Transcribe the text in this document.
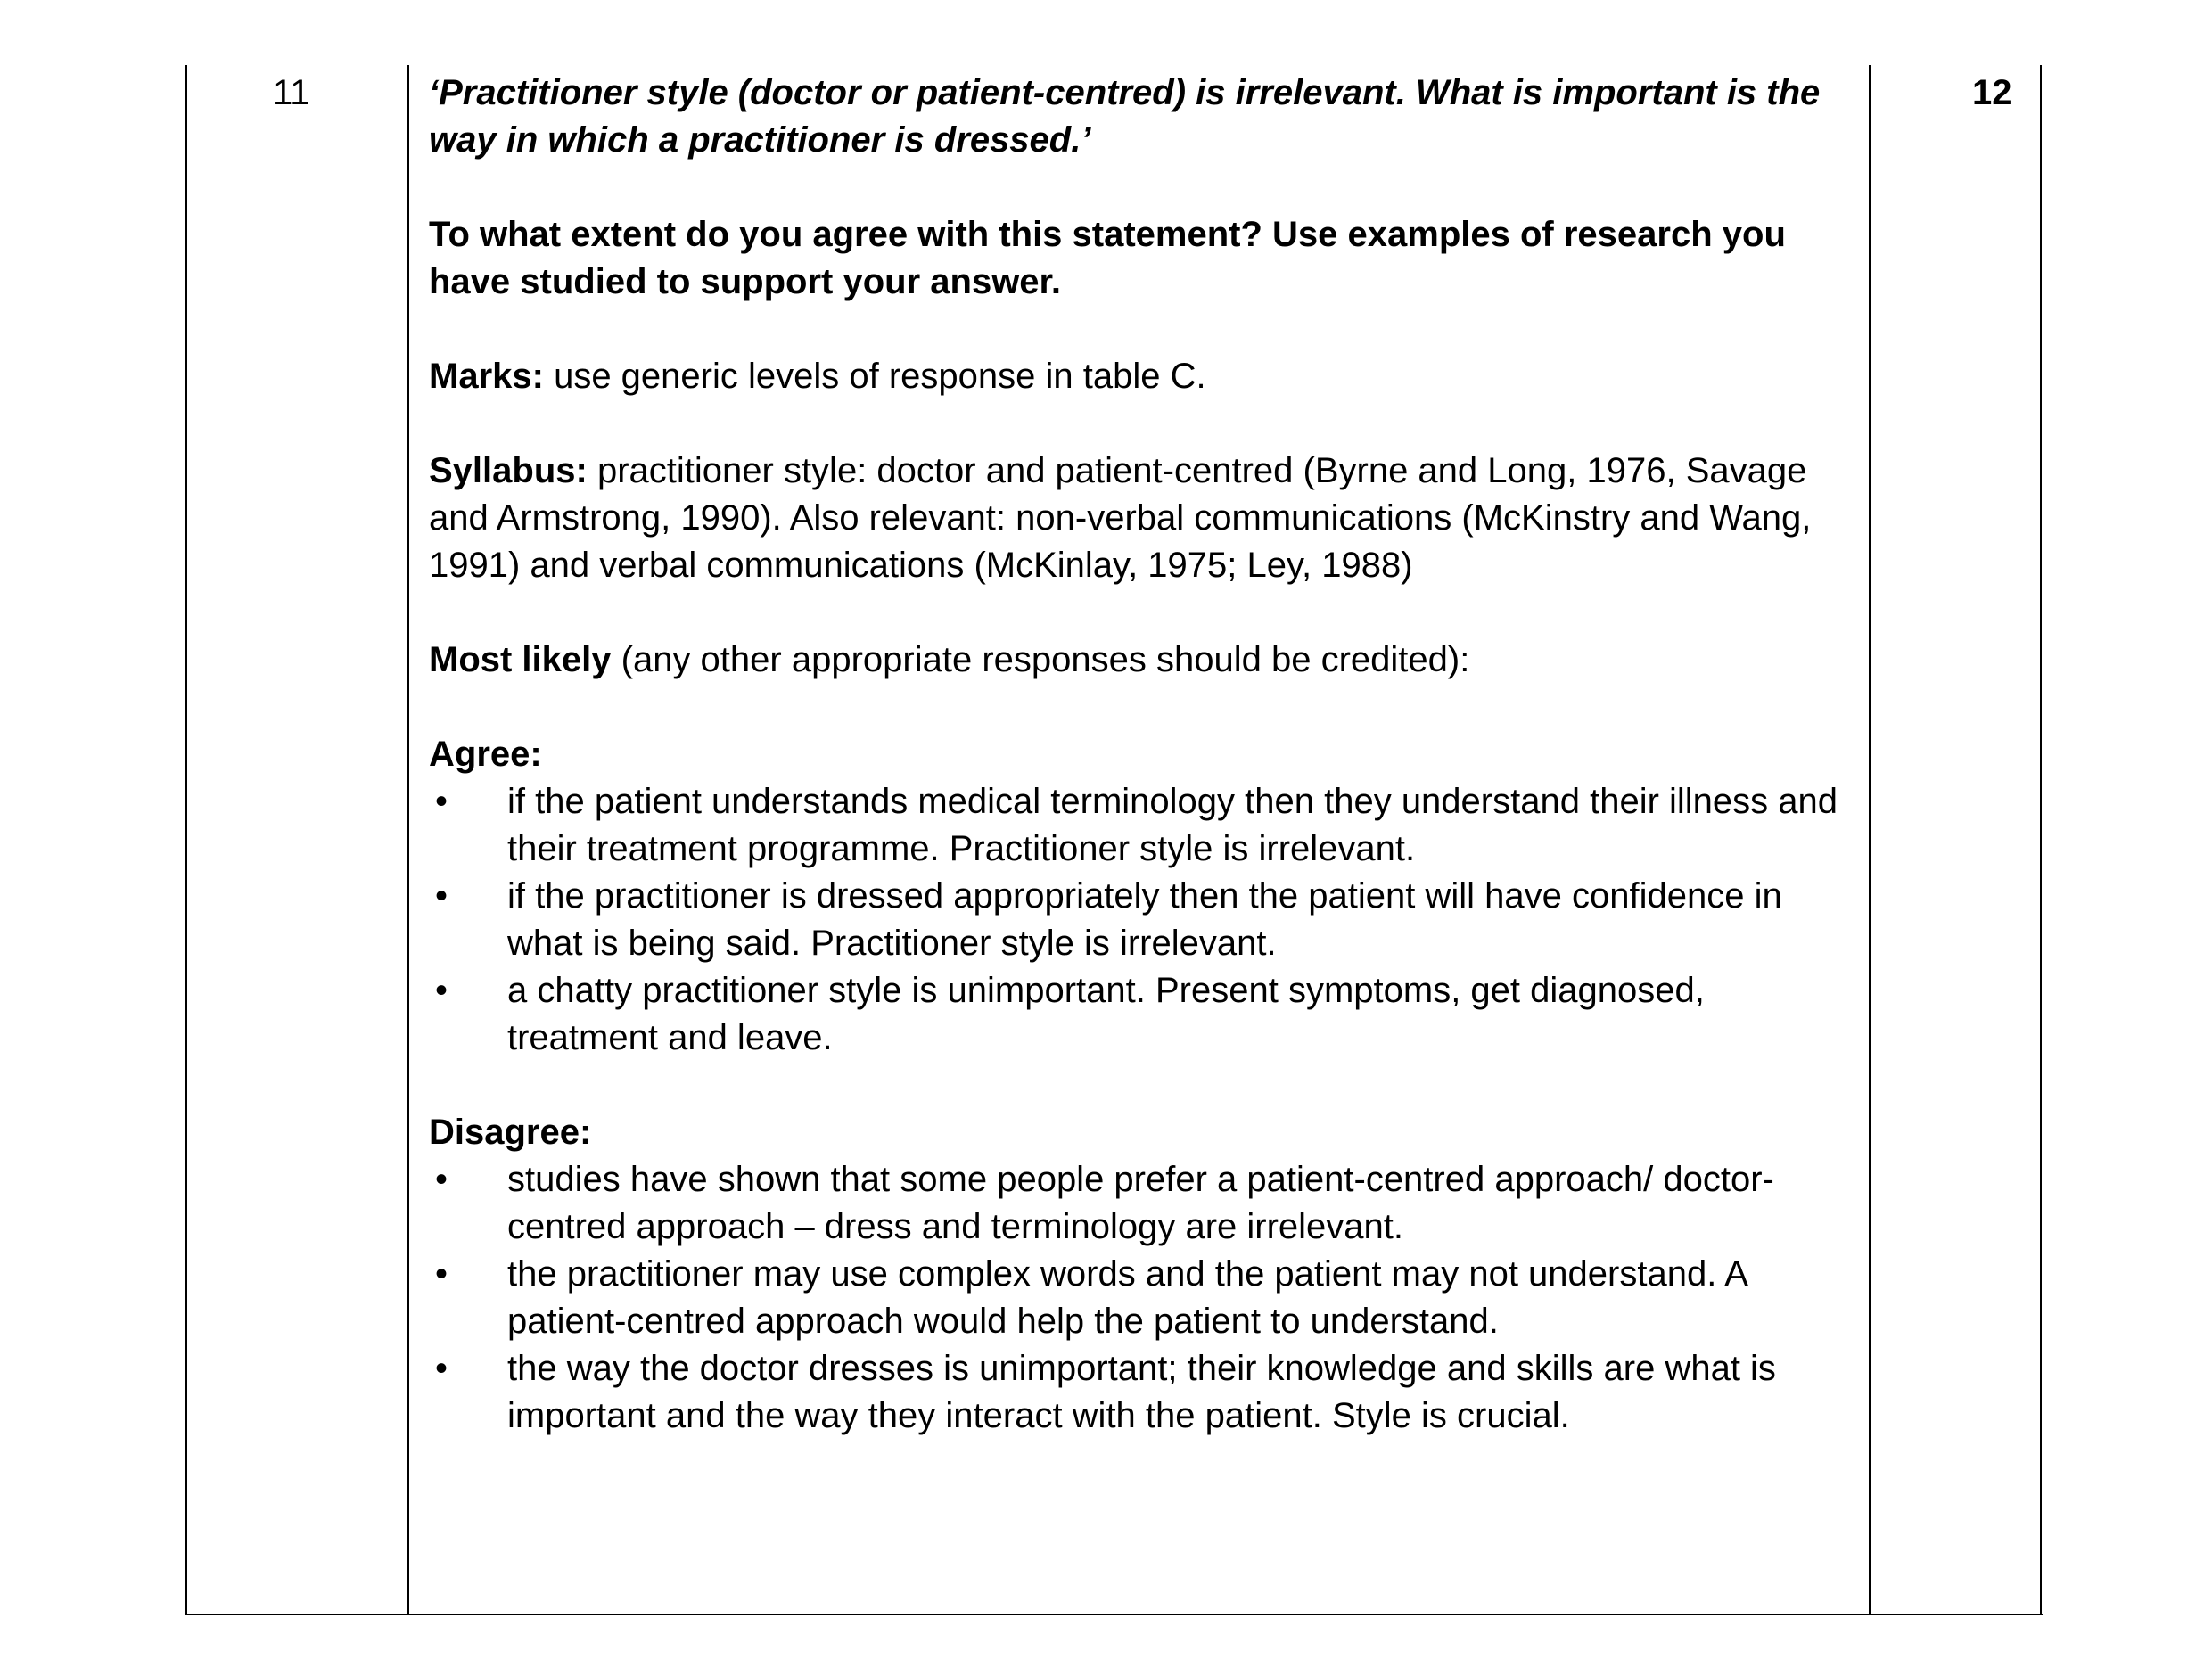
11	12

‘Practitioner style (doctor or patient-centred) is irrelevant. What is important is the way in which a practitioner is dressed.’

To what extent do you agree with this statement? Use examples of research you have studied to support your answer.

Marks: use generic levels of response in table C.

Syllabus: practitioner style: doctor and patient-centred (Byrne and Long, 1976, Savage and Armstrong, 1990). Also relevant: non-verbal communications (McKinstry and Wang, 1991) and verbal communications (McKinlay, 1975; Ley, 1988)

Most likely (any other appropriate responses should be credited):

Agree:

•	if the patient understands medical terminology then they understand their illness and their treatment programme. Practitioner style is irrelevant.
•	if the practitioner is dressed appropriately then the patient will have confidence in what is being said. Practitioner style is irrelevant.
•	a chatty practitioner style is unimportant. Present symptoms, get diagnosed, treatment and leave.

Disagree:

•	studies have shown that some people prefer a patient-centred approach/ doctor-centred approach – dress and terminology are irrelevant.
•	the practitioner may use complex words and the patient may not understand. A patient-centred approach would help the patient to understand.
•	the way the doctor dresses is unimportant; their knowledge and skills are what is important and the way they interact with the patient. Style is crucial.
